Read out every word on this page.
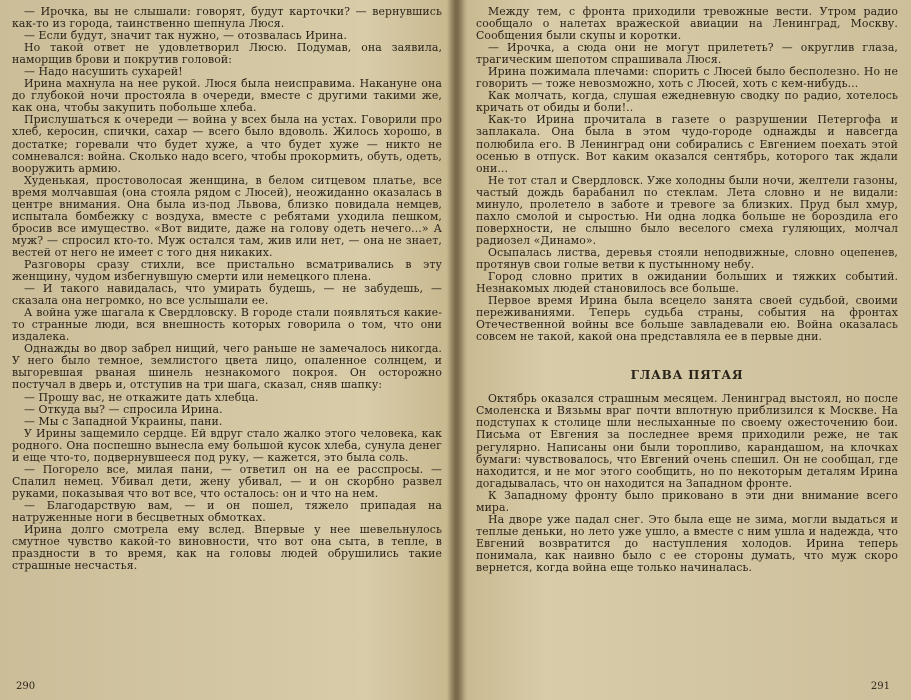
— Ирочка, вы не слышали: говорят, будут карточки? — вернувшись как-то из города, таинственно шепнула Люся.

— Если будут, значит так нужно, — отозвалась Ирина.

Но такой ответ не удовлетворил Люсю. Подумав, она заявила, наморщив брови и покрутив головой:

— Надо насушить сухарей!

Ирина махнула на нее рукой. Люся была неисправима. Накануне она до глубокой ночи простояла в очереди, вместе с другими такими же, как она, чтобы закупить побольше хлеба.

Прислушаться к очереди — война у всех была на устах. Говорили про хлеб, керосин, спички, сахар — всего было вдоволь. Жилось хорошо, в достатке; горевали что будет хуже, а что будет хуже — никто не сомневался: война. Сколько надо всего, чтобы прокормить, обуть, одеть, вооружить армию.

Худенькая, простоволосая женщина, в белом ситцевом платье, все время молчавшая (она стояла рядом с Люсей), неожиданно оказалась в центре внимания. Она была из-под Львова, близко повидала немцев, испытала бомбежку с воздуха, вместе с ребятами уходила пешком, бросив все имущество. «Вот видите, даже на голову одеть нечего...» А муж? — спросил кто-то. Муж остался там, жив или нет, — она не знает, вестей от него не имеет с того дня никаких.

Разговоры сразу стихли, все пристально всматривались в эту женщину, чудом избегнувшую смерти или немецкого плена.

— И такого навидалась, что умирать будешь, — не забудешь, — сказала она негромко, но все услышали ее.

А война уже шагала к Свердловску. В городе стали появляться какие-то странные люди, вся внешность которых говорила о том, что они издалека.

Однажды во двор забрел нищий, чего раньше не замечалось никогда. У него было темное, землистого цвета лицо, опаленное солнцем, и выгоревшая рваная шинель незнакомого покроя. Он осторожно постучал в дверь и, отступив на три шага, сказал, сняв шапку:

— Прошу вас, не откажите дать хлебца.

— Откуда вы? — спросила Ирина.

— Мы с Западной Украины, пани.

У Ирины защемило сердце. Ей вдруг стало жалко этого человека, как родного. Она поспешно вынесла ему большой кусок хлеба, сунула денег и еще что-то, подвернувшееся под руку, — кажется, это была соль.

— Погорело все, милая пани, — ответил он на ее расспросы. — Спалил немец. Убивал дети, жену убивал, — и он скорбно развел руками, показывая что вот все, что осталось: он и что на нем.

— Благодарствую вам, — и он пошел, тяжело припадая на натруженные ноги в бесцветных обмотках.

Ирина долго смотрела ему вслед. Впервые у нее шевельнулось смутное чувство какой-то виновности, что вот она сыта, в тепле, в праздности в то время, как на головы людей обрушились такие страшные несчастья.

290

Между тем, с фронта приходили тревожные вести. Утром радио сообщало о налетах вражеской авиации на Ленинград, Москву. Сообщения были скупы и коротки.

— Ирочка, а сюда они не могут прилететь? — округлив глаза, трагическим шепотом спрашивала Люся.

Ирина пожимала плечами: спорить с Люсей было бесполезно. Но не говорить — тоже невозможно, хоть с Люсей, хоть с кем-нибудь...

Как молчать, когда, слушая ежедневную сводку по радио, хотелось кричать от обиды и боли!..

Как-то Ирина прочитала в газете о разрушении Петергофа и заплакала. Она была в этом чудо-городе однажды и навсегда полюбила его. В Ленинград они собирались с Евгением поехать этой осенью в отпуск. Вот каким оказался сентябрь, которого так ждали они...

Не тот стал и Свердловск. Уже холодны были ночи, желтели газоны, частый дождь барабанил по стеклам. Лета словно и не видали: минуло, пролетело в заботе и тревоге за близких. Пруд был хмур, пахло смолой и сыростью. Ни одна лодка больше не бороздила его поверхности, не слышно было веселого смеха гуляющих, молчал радиозел «Динамо».

Осыпалась листва, деревья стояли неподвижные, словно оцепенев, протянув свои голые ветви к пустынному небу.

Город словно притих в ожидании больших и тяжких событий. Незнакомых людей становилось все больше.

Первое время Ирина была всецело занята своей судьбой, своими переживаниями. Теперь судьба страны, события на фронтах Отечественной войны все больше завладевали ею. Война оказалась совсем не такой, какой она представляла ее в первые дни.

ГЛАВА ПЯТАЯ

Октябрь оказался страшным месяцем. Ленинград выстоял, но после Смоленска и Вязьмы враг почти вплотную приблизился к Москве. На подступах к столице шли неслыханные по своему ожесточению бои. Письма от Евгения за последнее время приходили реже, не так регулярно. Написаны они были торопливо, карандашом, на клочках бумаги: чувствовалось, что Евгений очень спешил. Он не сообщал, где находится, и не мог этого сообщить, но по некоторым деталям Ирина догадывалась, что он находится на Западном фронте.

К Западному фронту было приковано в эти дни внимание всего мира.

На дворе уже падал снег. Это была еще не зима, могли выдаться и теплые деньки, но лето уже ушло, а вместе с ним ушла и надежда, что Евгений возвратится до наступления холодов. Ирина теперь понимала, как наивно было с ее стороны думать, что муж скоро вернется, когда война еще только начиналась.

291
